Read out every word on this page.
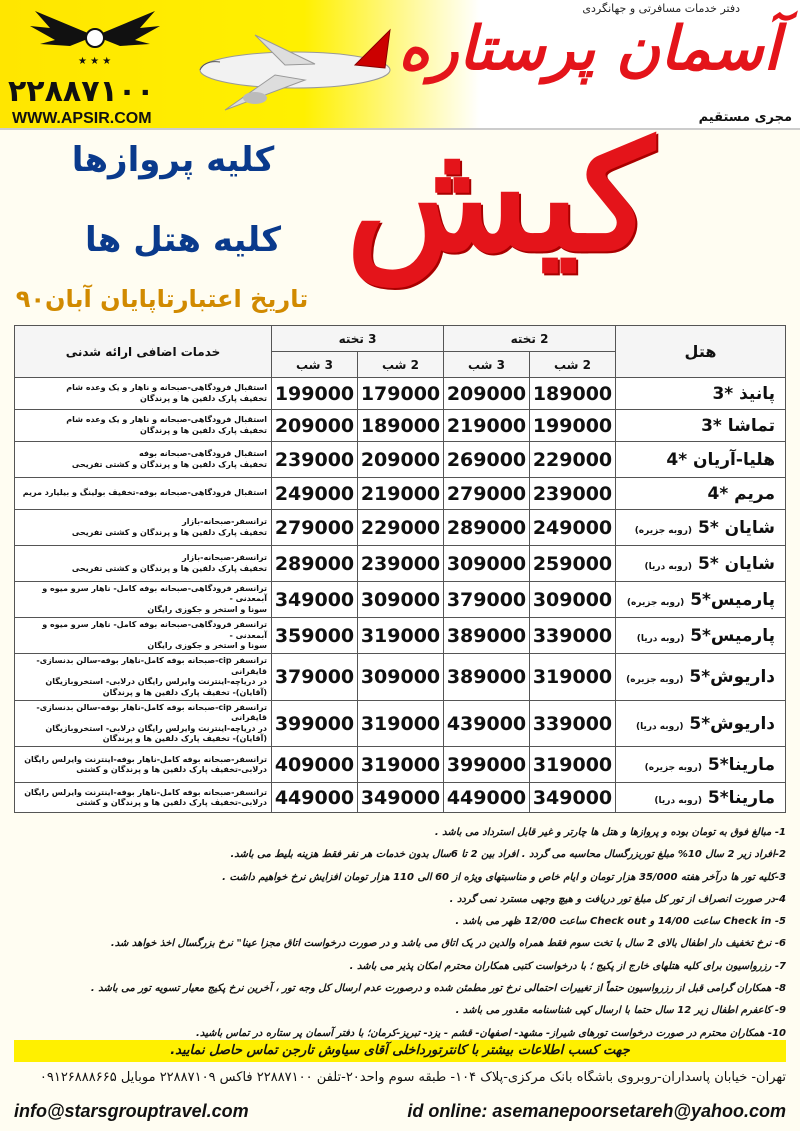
★ ★ ★
۲۲۸۸۷۱۰۰
WWW.APSIR.COM
دفتر خدمات مسافرتی و جهانگردی
آسمان پرستاره
مجری مستقیم
کیش
کلیه پروازها
کلیه هتل ها
تاریخ اعتبارتاپایان آبان۹۰
هتل	2 تخته		3 تخته		خدمات اضافی ارائه شدنی
	2 شب	3 شب	2 شب	3 شب	
پانیذ *3	189000	209000	179000	199000	استقبال فرودگاهی-صبحانه و ناهار و یک وعده شام
تخفیف پارک دلفین ها و پرندگان

تماشا *3	199000	219000	189000	209000	استقبال فرودگاهی-صبحانه و ناهار و یک وعده شام
تخفیف پارک دلفین ها و پرندگان

هلیا-آریان *4	229000	269000	209000	239000	استقبال فرودگاهی-صبحانه بوفه
تخفیف پارک دلفین ها و پرندگان و کشتی تفریحی

مریم *4	239000	279000	219000	249000	استقبال فرودگاهی-صبحانه بوفه-تخفیف بولینگ و بیلیارد مریم

شایان *5 (روبه جزیره)	249000	289000	229000	279000	ترانسفر-صبحانه-بازار
تخفیف پارک دلفین ها و پرندگان و کشتی تفریحی

شایان *5 (روبه دریا)	259000	309000	239000	289000	ترانسفر-صبحانه-بازار
تخفیف پارک دلفین ها و پرندگان و کشتی تفریحی

پارمیس*5 (روبه جزیره)	309000	379000	309000	349000	ترانسفر فرودگاهی-صبحانه بوفه کامل- ناهار سرو میوه و آبمعدنی -
سونا و استخر و جکوزی رایگان

پارمیس*5 (روبه دریا)	339000	389000	319000	359000	ترانسفر فرودگاهی-صبحانه بوفه کامل- ناهار سرو میوه و آبمعدنی -
سونا و استخر و جکوزی رایگان

داریوش*5 (روبه جزیره)	319000	389000	309000	379000	ترانسفر cip-صبحانه بوفه کامل-ناهار بوفه-سالن بدنسازی-قایقرانی
در دریاچه-اینترنت وایرلس رایگان درلابی- استخروبازیگان
(آقایان)- تخفیف پارک دلفین ها و پرندگان

داریوش*5 (روبه دریا)	339000	439000	319000	399000	ترانسفر cip-صبحانه بوفه کامل-ناهار بوفه-سالن بدنسازی-قایقرانی
در دریاچه-اینترنت وایرلس رایگان درلابی- استخروبازیگان
(آقایان)- تخفیف پارک دلفین ها و پرندگان

مارینا*5 (روبه جزیره)	319000	399000	319000	409000	ترانسفر-صبحانه بوفه کامل-ناهار بوفه-اینترنت وایرلس رایگان
درلابی-تخفیف پارک دلفین ها و پرندگان و کشتی

مارینا*5 (روبه دریا)	349000	449000	349000	449000	ترانسفر-صبحانه بوفه کامل-ناهار بوفه-اینترنت وایرلس رایگان
درلابی-تخفیف پارک دلفین ها و پرندگان و کشتی
1- مبالغ فوق به تومان بوده و پروازها و هتل ها چارتر و غیر قابل استرداد می باشد .
2-افراد زیر 2 سال 10% مبلغ توربزرگسال محاسبه می گردد . افراد بین 2 تا 6سال بدون خدمات هر نفر فقط هزینه بلیط می باشد.
3-کلیه تور ها درآخر هفته 35/000 هزار تومان و ایام خاص و مناسبتهای ویژه از 60 الی 110 هزار تومان افزایش نرخ خواهیم داشت .
4-در صورت انصراف از تور کل مبلغ تور دریافت و هیچ وجهی مسترد نمی گردد .
5- Check in ساعت 14/00 و Check out ساعت 12/00 ظهر می باشد .
6- نرخ تخفیف دار اطفال بالای 2 سال با تخت سوم فقط همراه والدین در یک اتاق می باشد و در صورت درخواست اتاق مجزا عینا" نرخ بزرگسال اخذ خواهد شد.
7- رزرواسیون برای کلیه هتلهای خارج از پکیج ؛ با درخواست کتبی همکاران محترم امکان پذیر می باشد .
8- همکاران گرامی قبل از رزرواسیون حتماً از تغییرات احتمالی نرخ تور مطمئن شده و درصورت عدم ارسال کل وجه تور ، آخرین نرخ پکیج معیار تسویه تور می باشد .
9- کاعفرم اطفال زیر 12 سال حتما با ارسال کپی شناسنامه مقدور می باشد .
10- همکاران محترم در صورت درخواست تورهای شیراز- مشهد- اصفهان- قشم - یزد- تبریز-کرمان؛ با دفتر آسمان پر ستاره در تماس باشید.
جهت کسب اطلاعات بیشتر با کانترتورداخلی آقای سیاوش تارجن تماس حاصل نمایید.
تهران- خیابان پاسداران-روبروی باشگاه بانک مرکزی-پلاک ۱۰۴- طبقه سوم واحد۲۰-تلفن ۲۲۸۸۷۱۰۰ فاکس ۲۲۸۸۷۱۰۹ موبایل ۰۹۱۲۶۸۸۸۶۶۵
info@starsgrouptravel.com	id online: asemanepoorsetareh@yahoo.com
